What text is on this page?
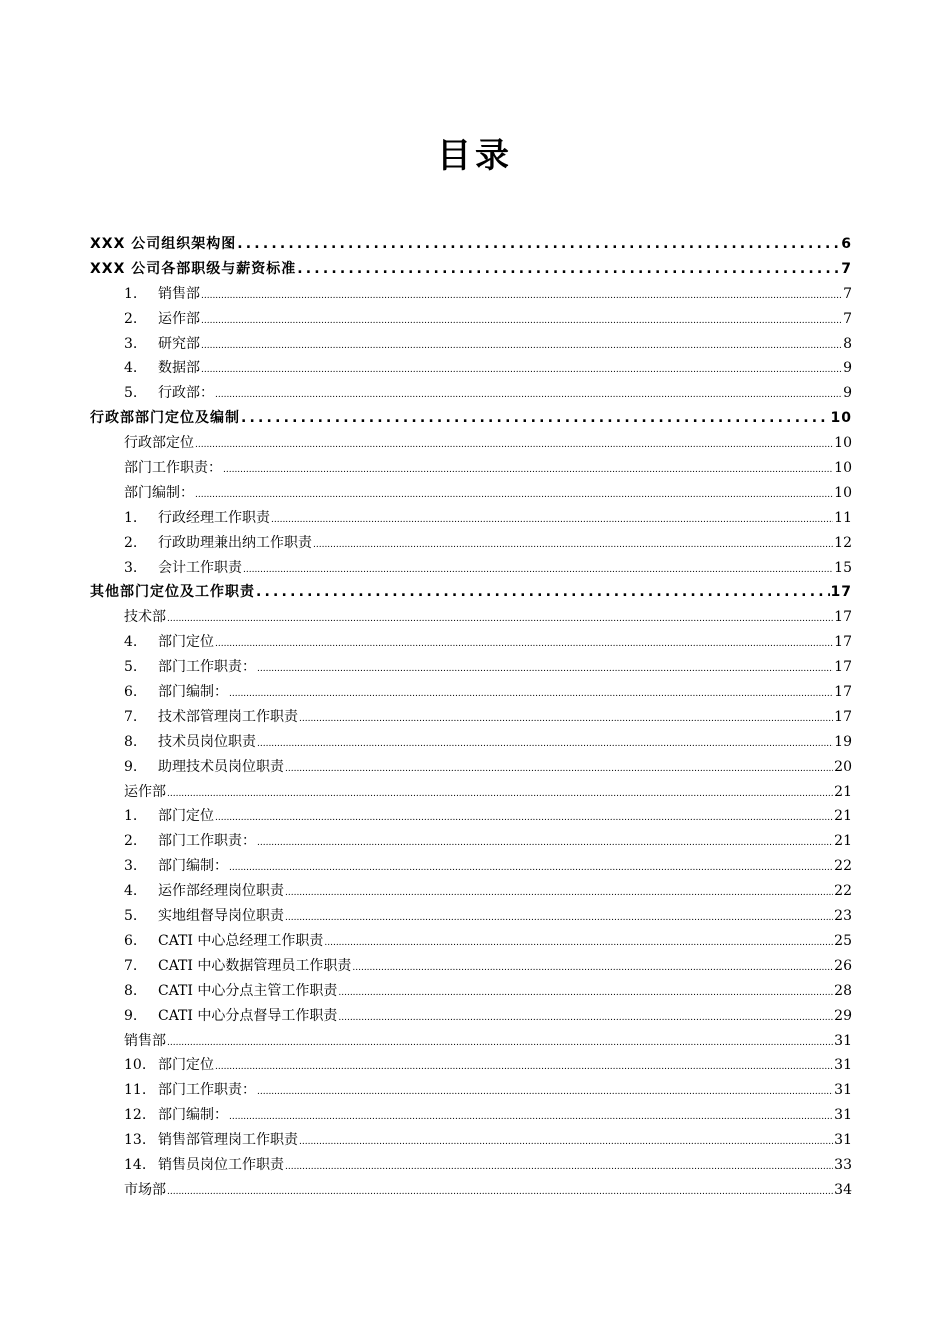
目录
XXX 公司组织架构图 .....	6
XXX 公司各部职级与薪资标准 .....	7
1. 销售部 .....	7
2. 运作部 .....	7
3. 研究部 .....	8
4. 数据部 .....	9
5. 行政部： .....	9
行政部部门定位及编制 .....	10
行政部定位 .....	10
部门工作职责： .....	10
部门编制： .....	10
1. 行政经理工作职责 .....	11
2. 行政助理兼出纳工作职责 .....	12
3. 会计工作职责 .....	15
其他部门定位及工作职责 .....	17
技术部 .....	17
4. 部门定位 .....	17
5. 部门工作职责： .....	17
6. 部门编制： .....	17
7. 技术部管理岗工作职责 .....	17
8. 技术员岗位职责 .....	19
9. 助理技术员岗位职责 .....	20
运作部 .....	21
1. 部门定位 .....	21
2. 部门工作职责： .....	21
3. 部门编制： .....	22
4. 运作部经理岗位职责 .....	22
5. 实地组督导岗位职责 .....	23
6. CATI 中心总经理工作职责 .....	25
7. CATI 中心数据管理员工作职责 .....	26
8. CATI 中心分点主管工作职责 .....	28
9. CATI 中心分点督导工作职责 .....	29
销售部 .....	31
10. 部门定位 .....	31
11. 部门工作职责： .....	31
12. 部门编制： .....	31
13. 销售部管理岗工作职责 .....	31
14. 销售员岗位工作职责 .....	33
市场部 .....	34
